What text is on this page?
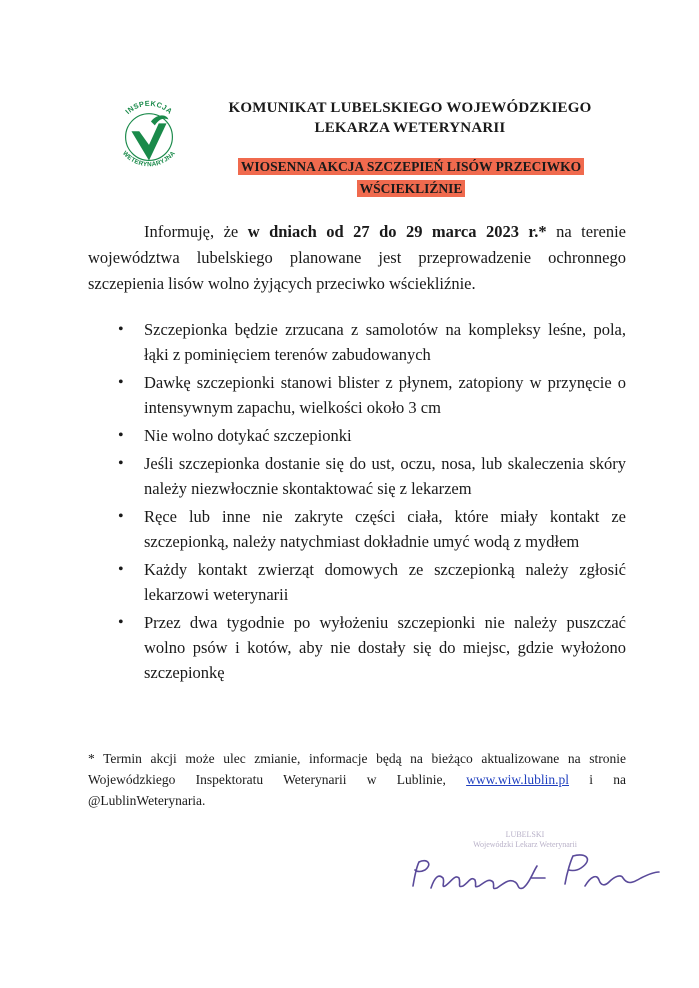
INSPEKCJA
WETERYNARYJNA
KOMUNIKAT LUBELSKIEGO WOJEWÓDZKIEGO
LEKARZA WETERYNARII
WIOSENNA AKCJA SZCZEPIEŃ LISÓW PRZECIWKO WŚCIEKLIŹNIE

Informuję, że w dniach od 27 do 29 marca 2023 r.* na terenie województwa lubelskiego planowane jest przeprowadzenie ochronnego szczepienia lisów wolno żyjących przeciwko wściekliźnie.

• Szczepionka będzie zrzucana z samolotów na kompleksy leśne, pola, łąki z pominięciem terenów zabudowanych
• Dawkę szczepionki stanowi blister z płynem, zatopiony w przynęcie o intensywnym zapachu, wielkości około 3 cm
• Nie wolno dotykać szczepionki
• Jeśli szczepionka dostanie się do ust, oczu, nosa, lub skaleczenia skóry należy niezwłocznie skontaktować się z lekarzem
• Ręce lub inne nie zakryte części ciała, które miały kontakt ze szczepionką, należy natychmiast dokładnie umyć wodą z mydłem
• Każdy kontakt zwierząt domowych ze szczepionką należy zgłosić lekarzowi weterynarii
• Przez dwa tygodnie po wyłożeniu szczepionki nie należy puszczać wolno psów i kotów, aby nie dostały się do miejsc, gdzie wyłożono szczepionkę

* Termin akcji może ulec zmianie, informacje będą na bieżąco aktualizowane na stronie Wojewódzkiego Inspektoratu Weterynarii w Lublinie, www.wiw.lublin.pl i na @LublinWeterynaria.

LUBELSKI
Wojewódzki Lekarz Weterynarii
